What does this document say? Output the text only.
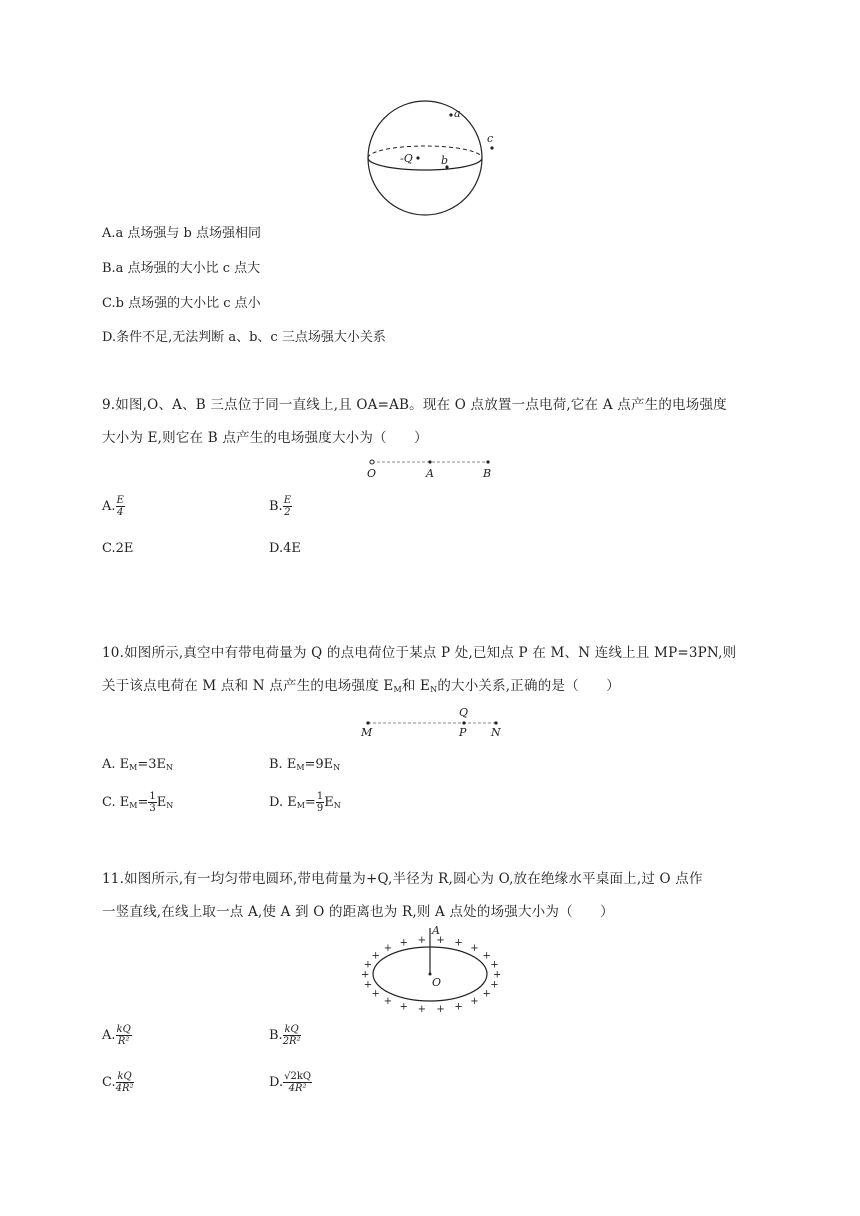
a
c
-Q	b
A.a 点场强与 b 点场强相同
B.a 点场强的大小比 c 点大
C.b 点场强的大小比 c 点小
D.条件不足,无法判断 a、b、c 三点场强大小关系
9.如图,O、A、B 三点位于同一直线上,且 OA=AB。现在 O 点放置一点电荷,它在 A 点产生的电场强度
大小为 E,则它在 B 点产生的电场强度大小为（　　）
O	A	B
A. $\frac{E}{4}$	B. $\frac{E}{2}$
C.2E	D.4E
10.如图所示,真空中有带电荷量为 Q 的点电荷位于某点 P 处,已知点 P 在 M、N 连线上且 MP=3PN,则
关于该点电荷在 M 点和 N 点产生的电场强度 $E_M$和 $E_N$的大小关系,正确的是（　　）
Q
M	P N
A. $E_M=3E_N$	B. $E_M=9E_N$
C. $E_M= \frac{1}{3} E_N$	D. $E_M= \frac{1}{9} E_N$
11.如图所示,有一均匀带电圆环,带电荷量为+Q,半径为 R,圆心为 O,放在绝缘水平桌面上,过 O 点作
一竖直线,在线上取一点 A,使 A 到 O 的距离也为 R,则 A 点处的场强大小为（　　）
A
O
+
+
+
+
+
+
+
+
+
+
+
+
+
+
+ + + + + +
+
+
A. $\frac{kQ}{\text{R²}}$	B. $\frac{kQ}{\text{2R²}}$
C. $\frac{kQ}{\text{4R²}}$	D. $\frac{√2kQ}{\text{4R²}}$
